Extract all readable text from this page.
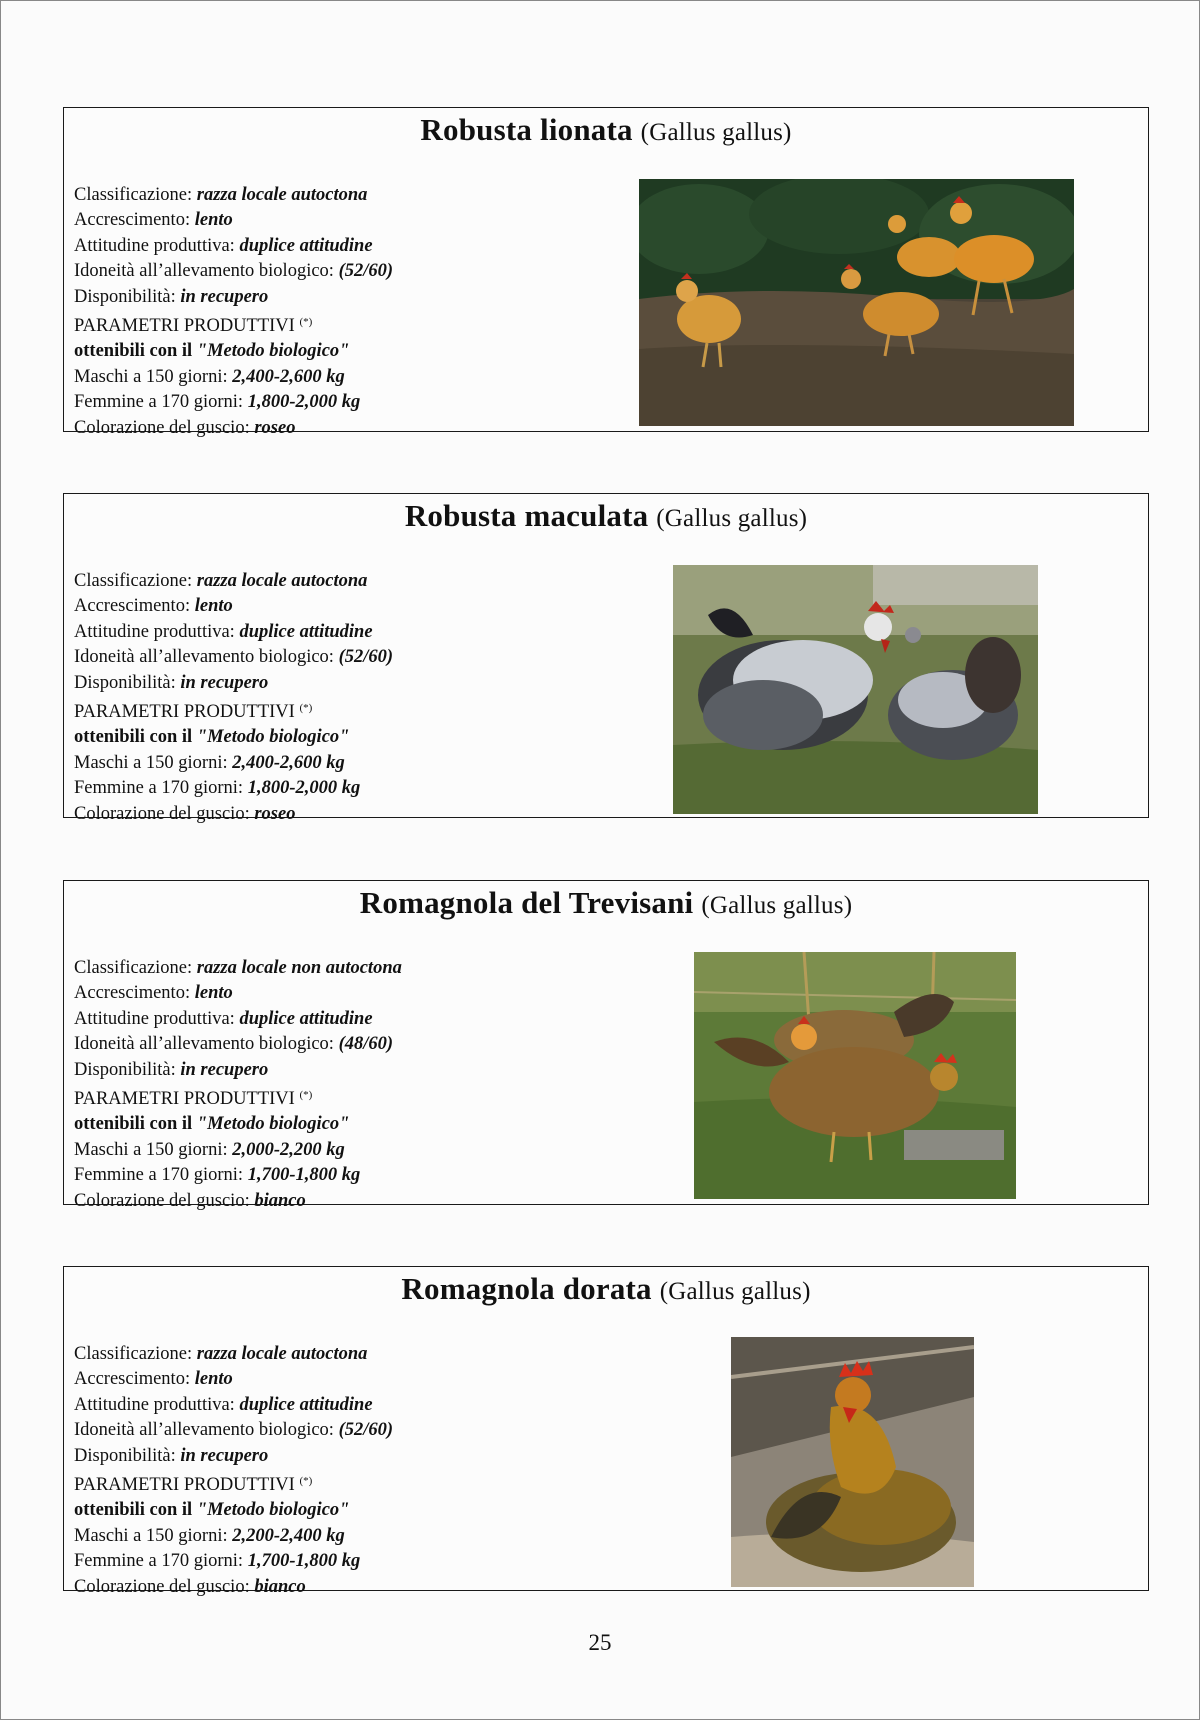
Robusta lionata (Gallus gallus)
Classificazione: razza locale autoctona
Accrescimento: lento
Attitudine produttiva: duplice attitudine
Idoneità all’allevamento biologico: (52/60)
Disponibilità: in recupero
PARAMETRI PRODUTTIVI (*)
ottenibili con il "Metodo biologico"
Maschi a 150 giorni: 2,400-2,600 kg
Femmine a 170 giorni: 1,800-2,000 kg
Colorazione del guscio: roseo
Robusta maculata (Gallus gallus)
Classificazione: razza locale autoctona
Accrescimento: lento
Attitudine produttiva: duplice attitudine
Idoneità all’allevamento biologico: (52/60)
Disponibilità: in recupero
PARAMETRI PRODUTTIVI (*)
ottenibili con il "Metodo biologico"
Maschi a 150 giorni: 2,400-2,600 kg
Femmine a 170 giorni: 1,800-2,000 kg
Colorazione del guscio: roseo
Romagnola del Trevisani (Gallus gallus)
Classificazione: razza locale non autoctona
Accrescimento: lento
Attitudine produttiva: duplice attitudine
Idoneità all’allevamento biologico: (48/60)
Disponibilità: in recupero
PARAMETRI PRODUTTIVI (*)
ottenibili con il "Metodo biologico"
Maschi a 150 giorni: 2,000-2,200 kg
Femmine a 170 giorni: 1,700-1,800 kg
Colorazione del guscio: bianco
Romagnola dorata (Gallus gallus)
Classificazione: razza locale autoctona
Accrescimento: lento
Attitudine produttiva: duplice attitudine
Idoneità all’allevamento biologico: (52/60)
Disponibilità: in recupero
PARAMETRI PRODUTTIVI (*)
ottenibili con il "Metodo biologico"
Maschi a 150 giorni: 2,200-2,400 kg
Femmine a 170 giorni: 1,700-1,800 kg
Colorazione del guscio: bianco
25
